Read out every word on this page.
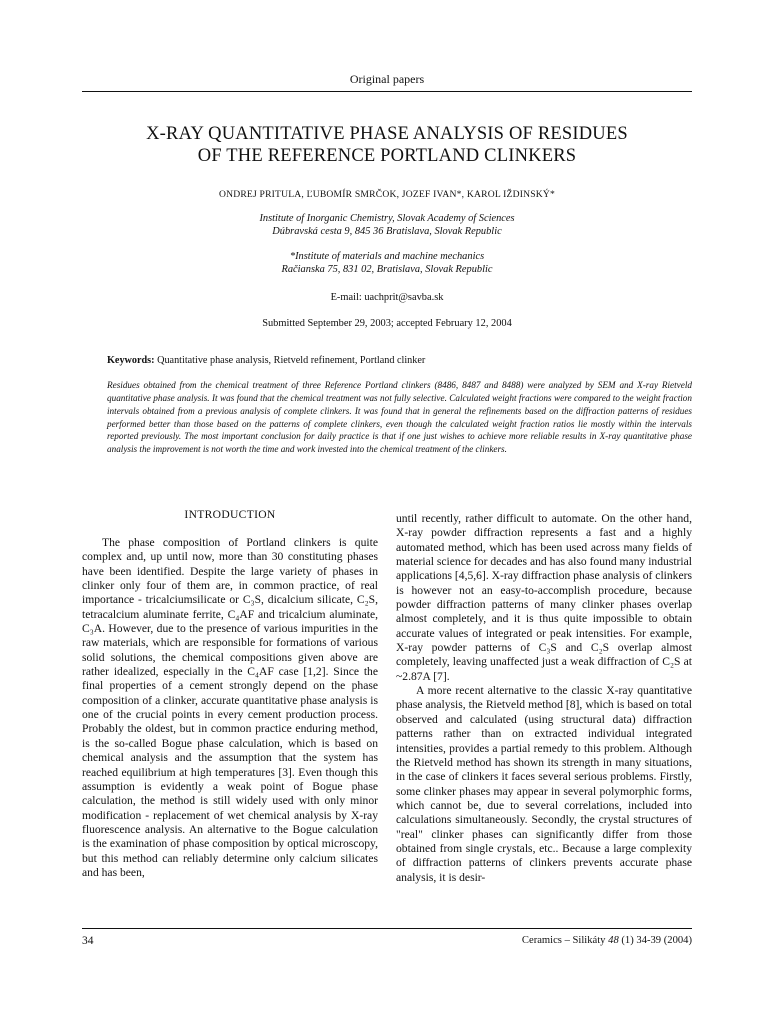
Original papers
X-RAY QUANTITATIVE PHASE ANALYSIS OF RESIDUES
OF THE REFERENCE PORTLAND CLINKERS
ONDREJ PRITULA, ĽUBOMÍR SMRČOK, JOZEF IVAN*, KAROL IŽDINSKÝ*
Institute of Inorganic Chemistry, Slovak Academy of Sciences
Dúbravská cesta 9, 845 36 Bratislava, Slovak Republic
*Institute of materials and machine mechanics
Račianska 75, 831 02, Bratislava, Slovak Republic
E-mail: uachprit@savba.sk
Submitted September 29, 2003; accepted February 12, 2004
Keywords: Quantitative phase analysis, Rietveld refinement, Portland clinker

Residues obtained from the chemical treatment of three Reference Portland clinkers (8486, 8487 and 8488) were analyzed by SEM and X-ray Rietveld quantitative phase analysis. It was found that the chemical treatment was not fully selective. Calculated weight fractions were compared to the weight fraction intervals obtained from a previous analysis of complete clinkers. It was found that in general the refinements based on the diffraction patterns of residues performed better than those based on the patterns of complete clinkers, even though the calculated weight fraction ratios lie mostly within the intervals reported previously. The most important conclusion for daily practice is that if one just wishes to achieve more reliable results in X-ray quantitative phase analysis the improvement is not worth the time and work invested into the chemical treatment of the clinkers.

INTRODUCTION

The phase composition of Portland clinkers is quite complex and, up until now, more than 30 constituting phases have been identified. Despite the large variety of phases in clinker only four of them are, in common practice, of real importance - tricalciumsilicate or C₃S, dicalcium silicate, C₂S, tetracalcium aluminate ferrite, C₄AF and tricalcium aluminate, C₃A. However, due to the presence of various impurities in the raw materials, which are responsible for formations of various solid solutions, the chemical compositions given above are rather idealized, especially in the C₄AF case [1,2]. Since the final properties of a cement strongly depend on the phase composition of a clinker, accurate quantitative phase analysis is one of the crucial points in every cement production process. Probably the oldest, but in common practice enduring method, is the so-called Bogue phase calculation, which is based on chemical analysis and the assumption that the system has reached equilibrium at high temperatures [3]. Even though this assumption is evidently a weak point of Bogue phase calculation, the method is still widely used with only minor modification - replacement of wet chemical analysis by X-ray fluorescence analysis. An alternative to the Bogue calculation is the examination of phase composition by optical microscopy, but this method can reliably determine only calcium silicates and has been,

until recently, rather difficult to automate. On the other hand, X-ray powder diffraction represents a fast and a highly automated method, which has been used across many fields of material science for decades and has also found many industrial applications [4,5,6]. X-ray diffraction phase analysis of clinkers is however not an easy-to-accomplish procedure, because powder diffraction patterns of many clinker phases overlap almost completely, and it is thus quite impossible to obtain accurate values of integrated or peak intensities. For example, X-ray powder patterns of C₃S and C₂S overlap almost completely, leaving unaffected just a weak diffraction of C₂S at ~2.87A [7].

A more recent alternative to the classic X-ray quantitative phase analysis, the Rietveld method [8], which is based on total observed and calculated (using structural data) diffraction patterns rather than on extracted individual integrated intensities, provides a partial remedy to this problem. Although the Rietveld method has shown its strength in many situations, in the case of clinkers it faces several serious problems. Firstly, some clinker phases may appear in several polymorphic forms, which cannot be, due to several correlations, included into calculations simultaneously. Secondly, the crystal structures of "real" clinker phases can significantly differ from those obtained from single crystals, etc.. Because a large complexity of diffraction patterns of clinkers prevents accurate phase analysis, it is desir-

34	Ceramics – Silikáty 48 (1) 34-39 (2004)
